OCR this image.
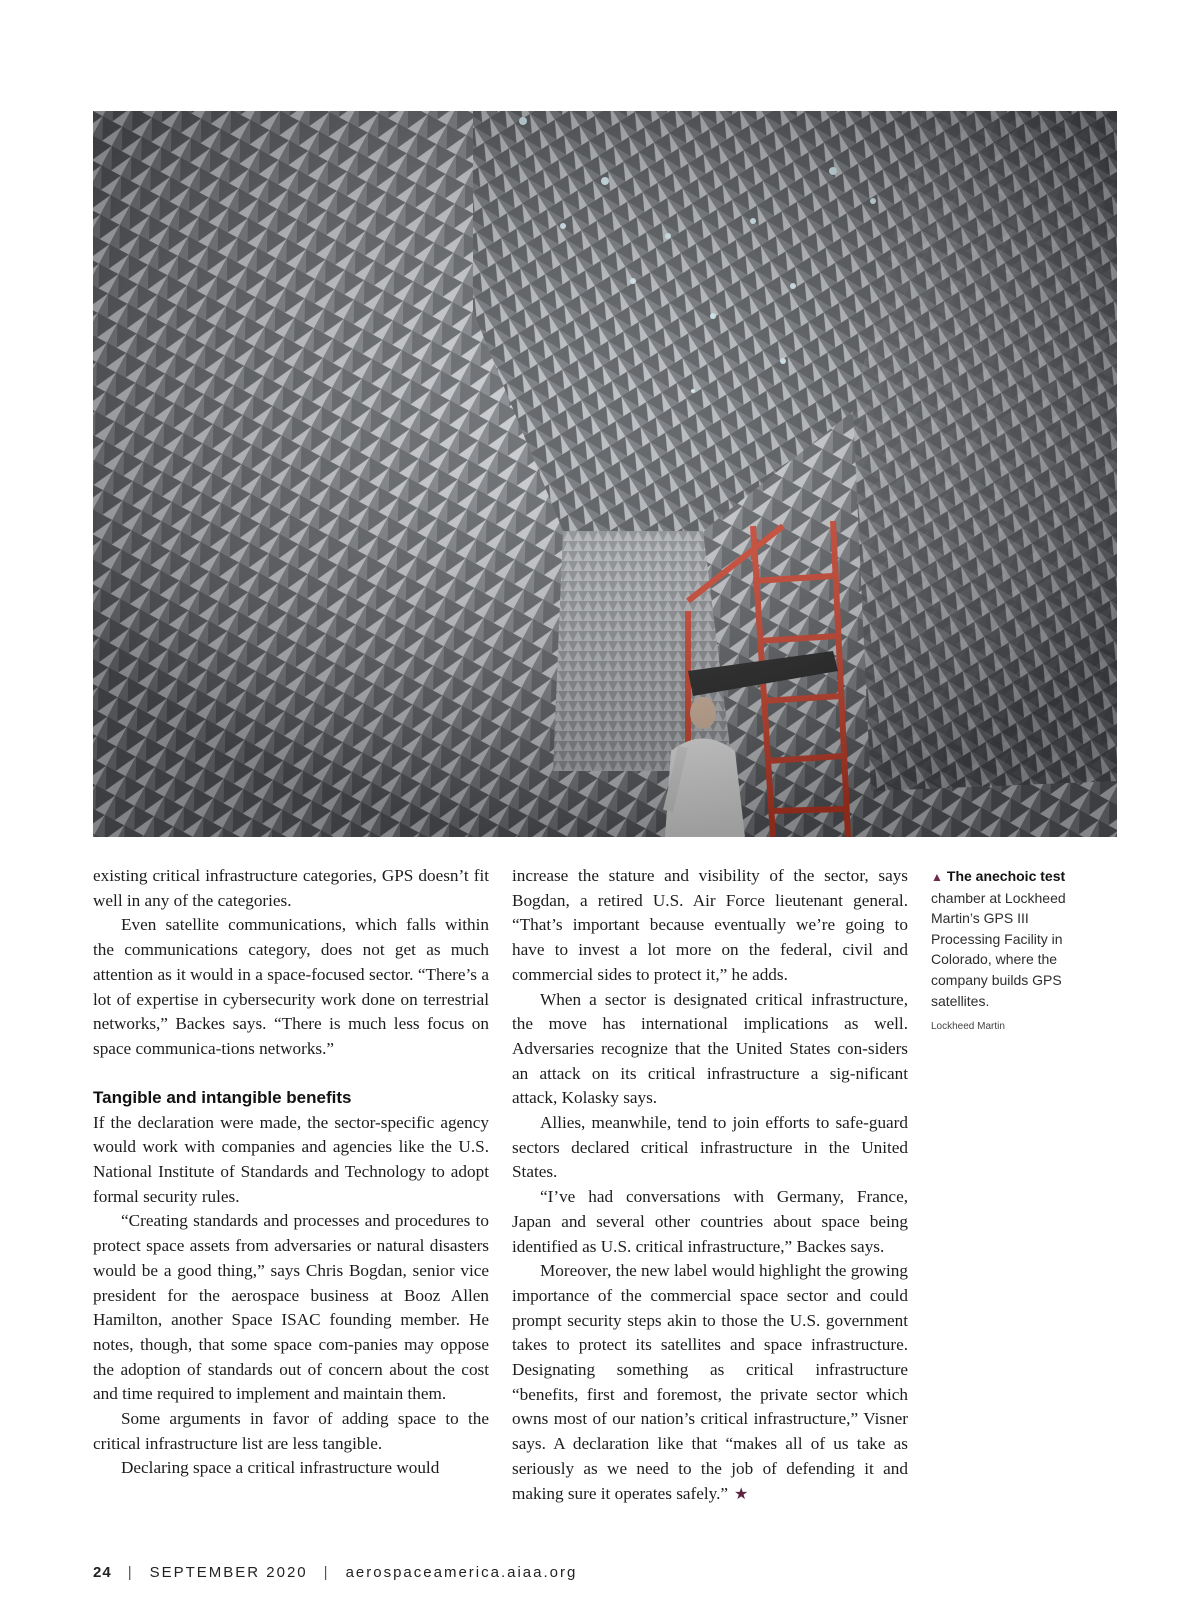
existing critical infrastructure categories, GPS doesn’t fit well in any of the categories.

Even satellite communications, which falls within the communications category, does not get as much attention as it would in a space-focused sector. “There’s a lot of expertise in cybersecurity work done on terrestrial networks,” Backes says. “There is much less focus on space communica-tions networks.”

Tangible and intangible benefits

If the declaration were made, the sector-specific agency would work with companies and agencies like the U.S. National Institute of Standards and Technology to adopt formal security rules.

“Creating standards and processes and procedures to protect space assets from adversaries or natural disasters would be a good thing,” says Chris Bogdan, senior vice president for the aerospace business at Booz Allen Hamilton, another Space ISAC founding member. He notes, though, that some space com-panies may oppose the adoption of standards out of concern about the cost and time required to implement and maintain them.

Some arguments in favor of adding space to the critical infrastructure list are less tangible.

Declaring space a critical infrastructure would

increase the stature and visibility of the sector, says Bogdan, a retired U.S. Air Force lieutenant general. “That’s important because eventually we’re going to have to invest a lot more on the federal, civil and commercial sides to protect it,” he adds.

When a sector is designated critical infrastructure, the move has international implications as well. Adversaries recognize that the United States con-siders an attack on its critical infrastructure a sig-nificant attack, Kolasky says.

Allies, meanwhile, tend to join efforts to safe-guard sectors declared critical infrastructure in the United States.

“I’ve had conversations with Germany, France, Japan and several other countries about space being identified as U.S. critical infrastructure,” Backes says.

Moreover, the new label would highlight the growing importance of the commercial space sector and could prompt security steps akin to those the U.S. government takes to protect its satellites and space infrastructure. Designating something as critical infrastructure “benefits, first and foremost, the private sector which owns most of our nation’s critical infrastructure,” Visner says. A declaration like that “makes all of us take as seriously as we need to the job of defending it and making sure it operates safely.” ★

▲ The anechoic test chamber at Lockheed Martin’s GPS III Processing Facility in Colorado, where the company builds GPS satellites.
Lockheed Martin
24 | SEPTEMBER 2020 | aerospaceamerica.aiaa.org
